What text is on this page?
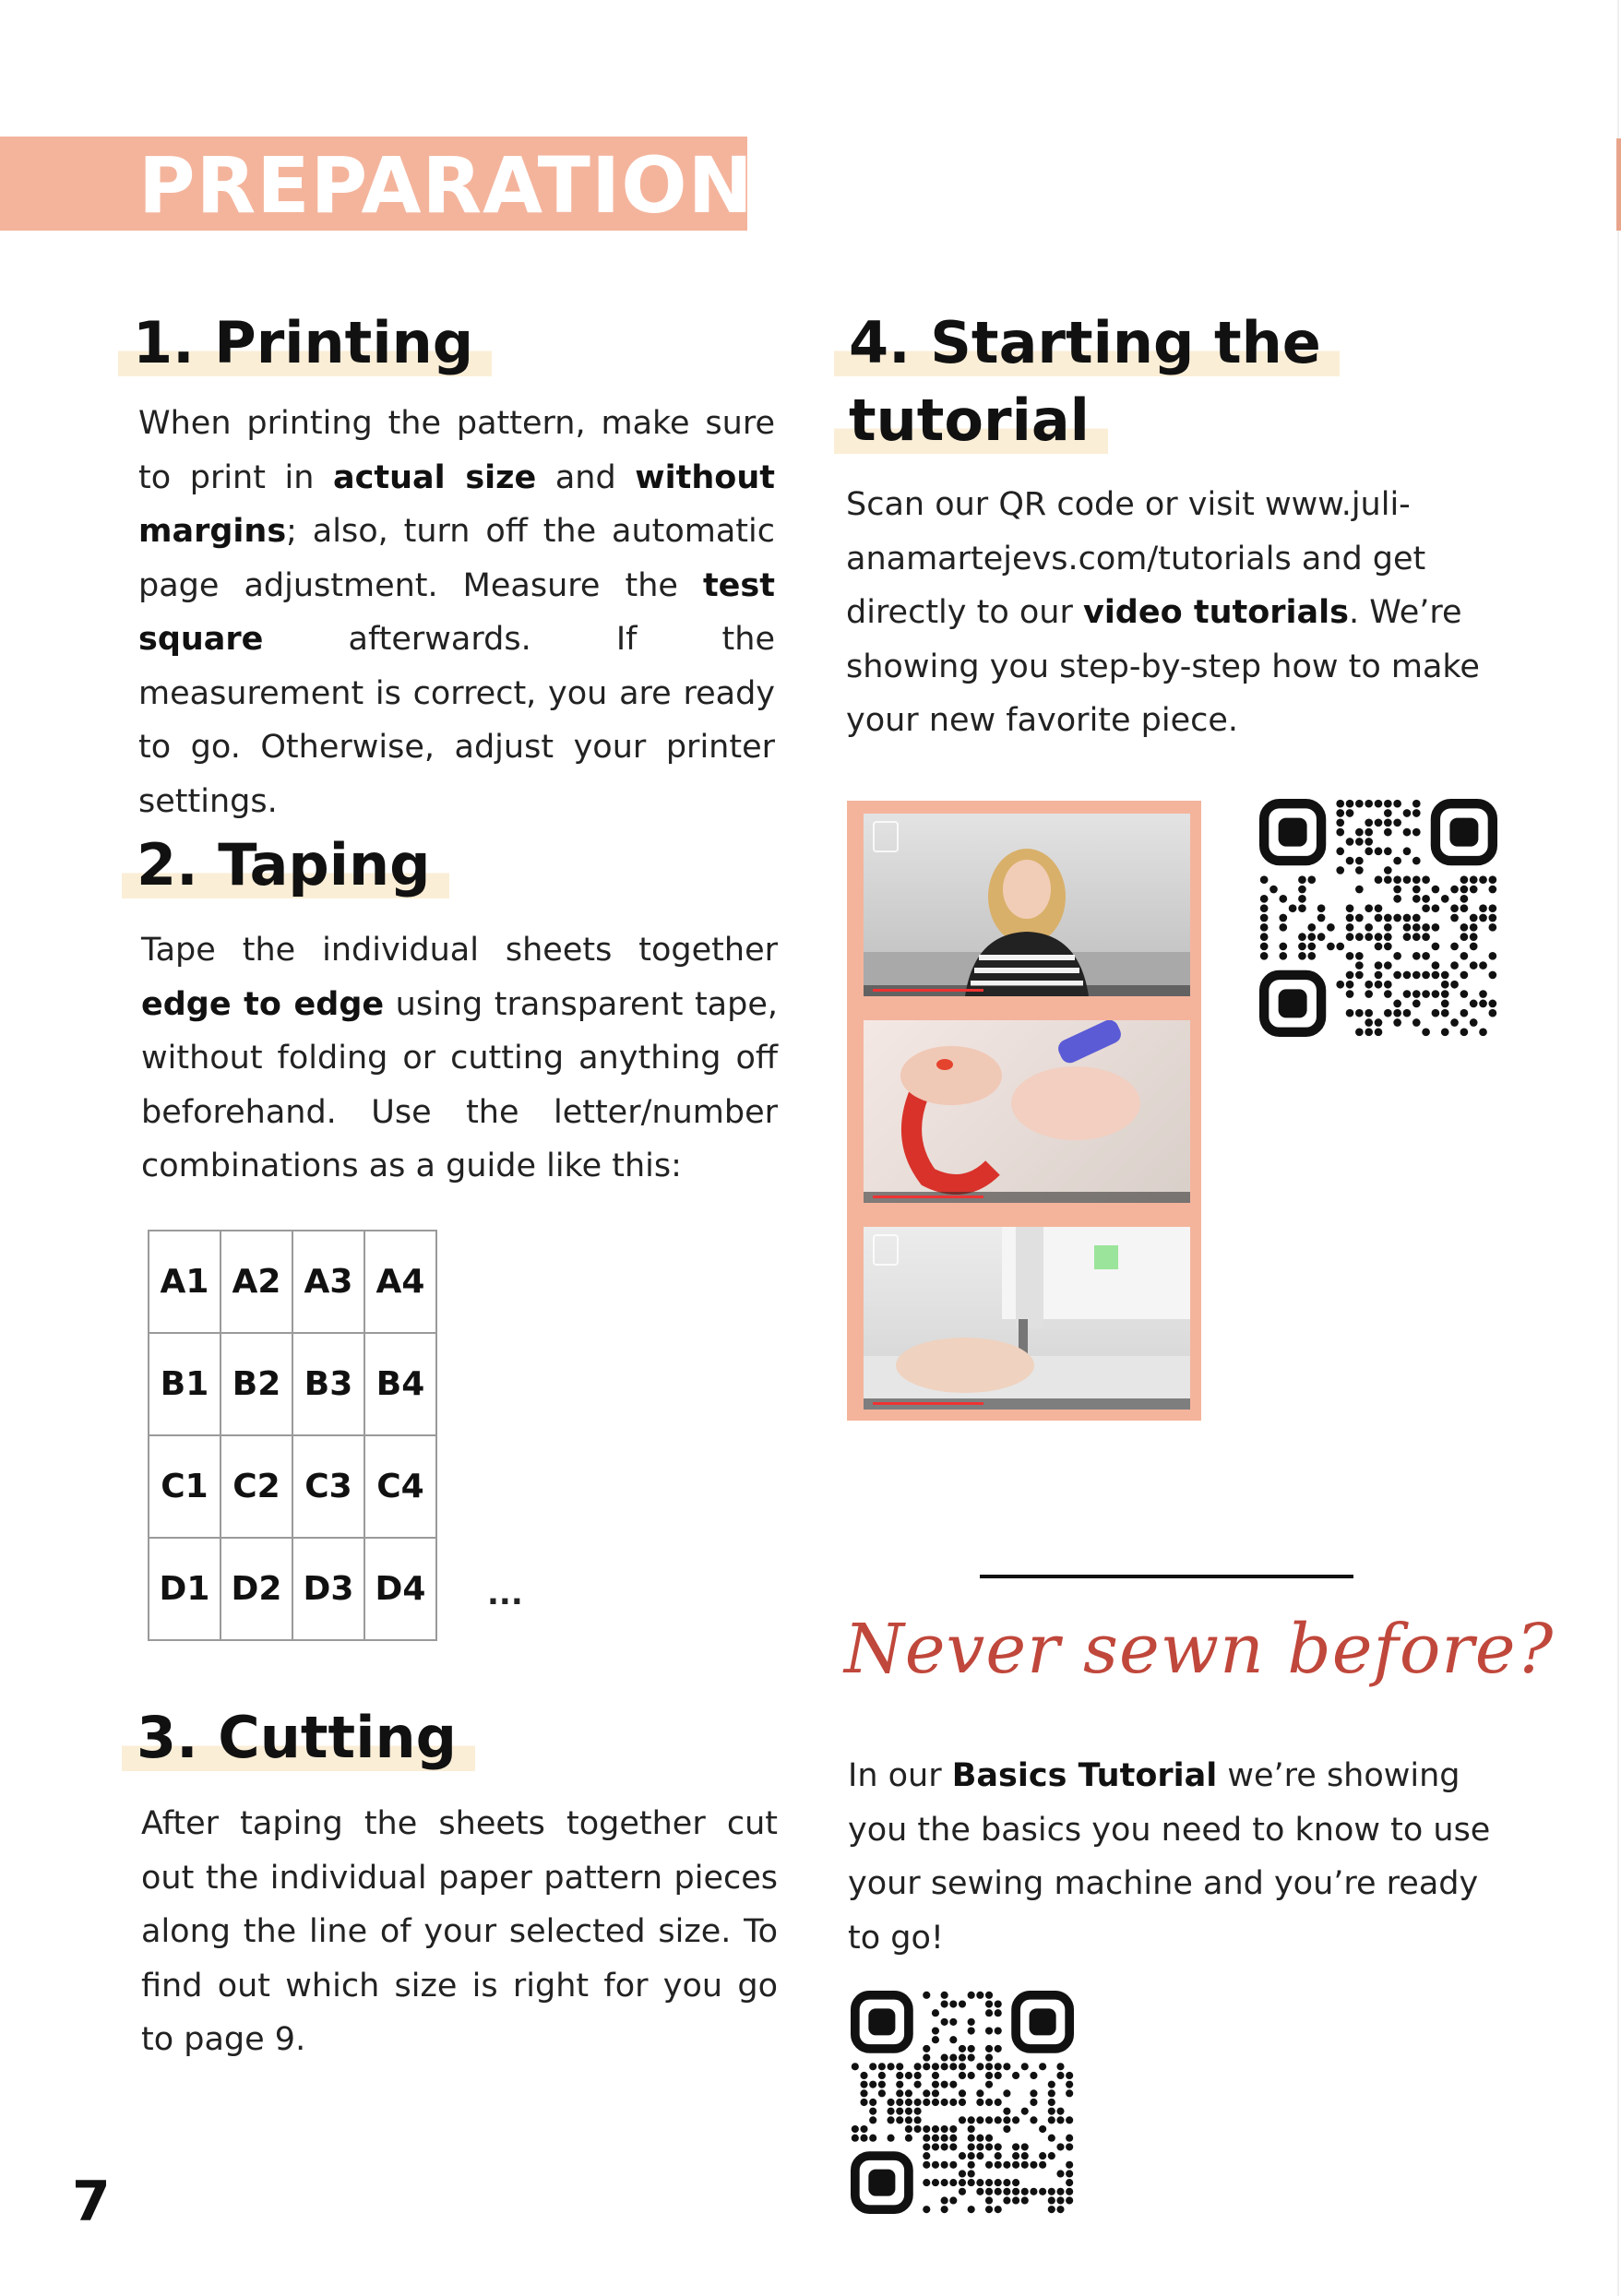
PREPARATION
1. Printing

When printing the pattern, make sure to print in actual size and without margins; also, turn off the automatic page adjustment. Measure the test square afterwards. If the measurement is correct, you are ready to go. Otherwise, adjust your printer settings.

2. Taping

Tape the individual sheets together edge to edge using transparent tape, without folding or cutting anything off beforehand. Use the letter/number combinations as a guide like this:

A1	A2	A3	A4
B1	B2	B3	B4
C1	C2	C3	C4
D1	D2	D3	D4 ...
3. Cutting

After taping the sheets together cut out the individual paper pattern pieces along the line of your selected size. To find out which size is right for you go to page 9.

4. Starting the
tutorial

Scan our QR code or visit www.juli-anamartejevs.com/tutorials and get directly to our video tutorials. We’re showing you step-by-step how to make your new favorite piece.

Never sewn before?

In our Basics Tutorial we’re showing you the basics you need to know to use your sewing machine and you’re ready to go!

7
